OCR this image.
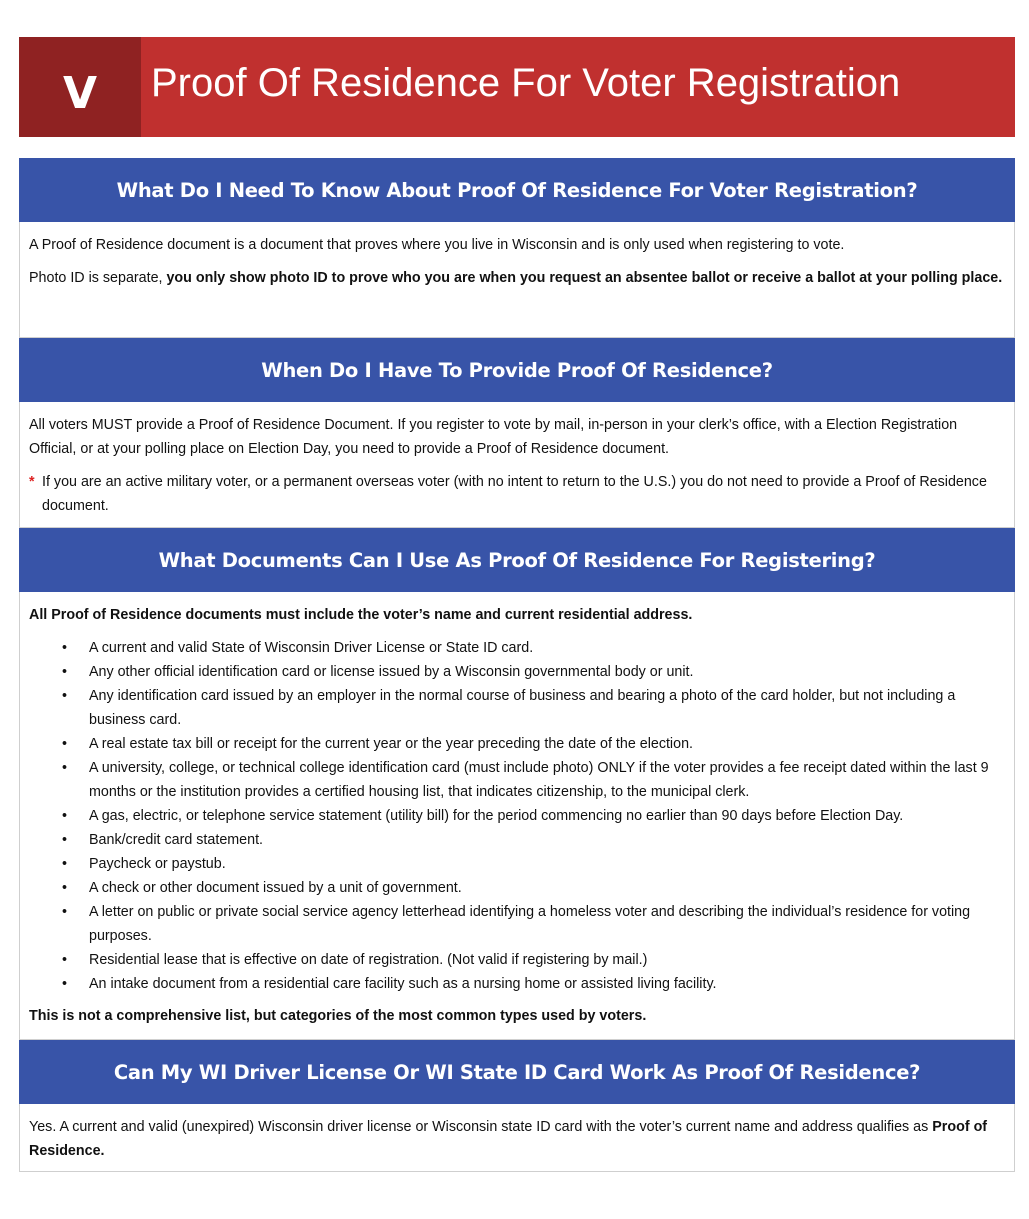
V	Proof Of Residence For Voter Registration
What Do I Need To Know About Proof Of Residence For Voter Registration?

A Proof of Residence document is a document that proves where you live in Wisconsin and is only used when registering to vote.

Photo ID is separate, you only show photo ID to prove who you are when you request an absentee ballot or receive a ballot at your polling place.

When Do I Have To Provide Proof Of Residence?

All voters MUST provide a Proof of Residence Document. If you register to vote by mail, in-person in your clerk’s office, with a Election Registration Official, or at your polling place on Election Day, you need to provide a Proof of Residence document.

* If you are an active military voter, or a permanent overseas voter (with no intent to return to the U.S.) you do not need to provide a Proof of Residence document.

What Documents Can I Use As Proof Of Residence For Registering?

All Proof of Residence documents must include the voter’s name and current residential address.

• A current and valid State of Wisconsin Driver License or State ID card.
• Any other official identification card or license issued by a Wisconsin governmental body or unit.
• Any identification card issued by an employer in the normal course of business and bearing a photo of the card holder, but not including a business card.
• A real estate tax bill or receipt for the current year or the year preceding the date of the election.
• A university, college, or technical college identification card (must include photo) ONLY if the voter provides a fee receipt dated within the last 9 months or the institution provides a certified housing list, that indicates citizenship, to the municipal clerk.
• A gas, electric, or telephone service statement (utility bill) for the period commencing no earlier than 90 days before Election Day.
• Bank/credit card statement.
• Paycheck or paystub.
• A check or other document issued by a unit of government.
• A letter on public or private social service agency letterhead identifying a homeless voter and describing the individual’s residence for voting purposes.
• Residential lease that is effective on date of registration. (Not valid if registering by mail.)
• An intake document from a residential care facility such as a nursing home or assisted living facility.

This is not a comprehensive list, but categories of the most common types used by voters.

Can My WI Driver License Or WI State ID Card Work As Proof Of Residence?

Yes. A current and valid (unexpired) Wisconsin driver license or Wisconsin state ID card with the voter’s current name and address qualifies as Proof of Residence.
